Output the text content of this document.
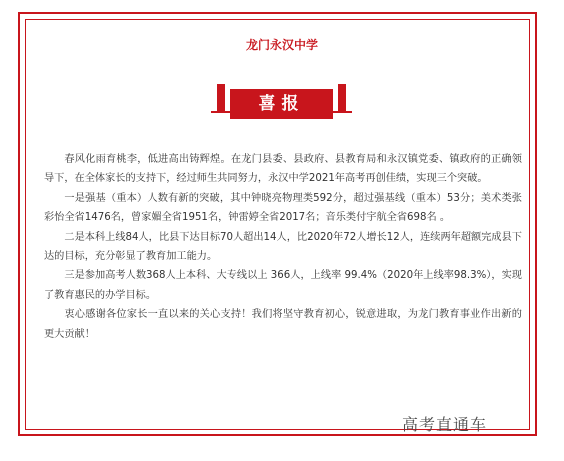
龙门永汉中学
喜报

春风化雨育桃李，低进高出铸辉煌。在龙门县委、县政府、县教育局和永汉镇党委、镇政府的正确领导下，在全体家长的支持下，经过师生共同努力，永汉中学2021年高考再创佳绩，实现三个突破。

一是强基（重本）人数有新的突破，其中钟晓亮物理类592分，超过强基线（重本）53分；美术类张彩怡全省1476名，曾家媚全省1951名，钟雷婷全省2017名；音乐类付宇航全省698名 。

二是本科上线84人，比县下达目标70人超出14人，比2020年72人增长12人，连续两年超额完成县下达的目标，充分彰显了教育加工能力。

三是参加高考人数368人上本科、大专线以上 366人，上线率 99.4%（2020年上线率98.3%），实现了教育惠民的办学目标。

衷心感谢各位家长一直以来的关心支持！我们将坚守教育初心，锐意进取，为龙门教育事业作出新的更大贡献！

高考直通车
